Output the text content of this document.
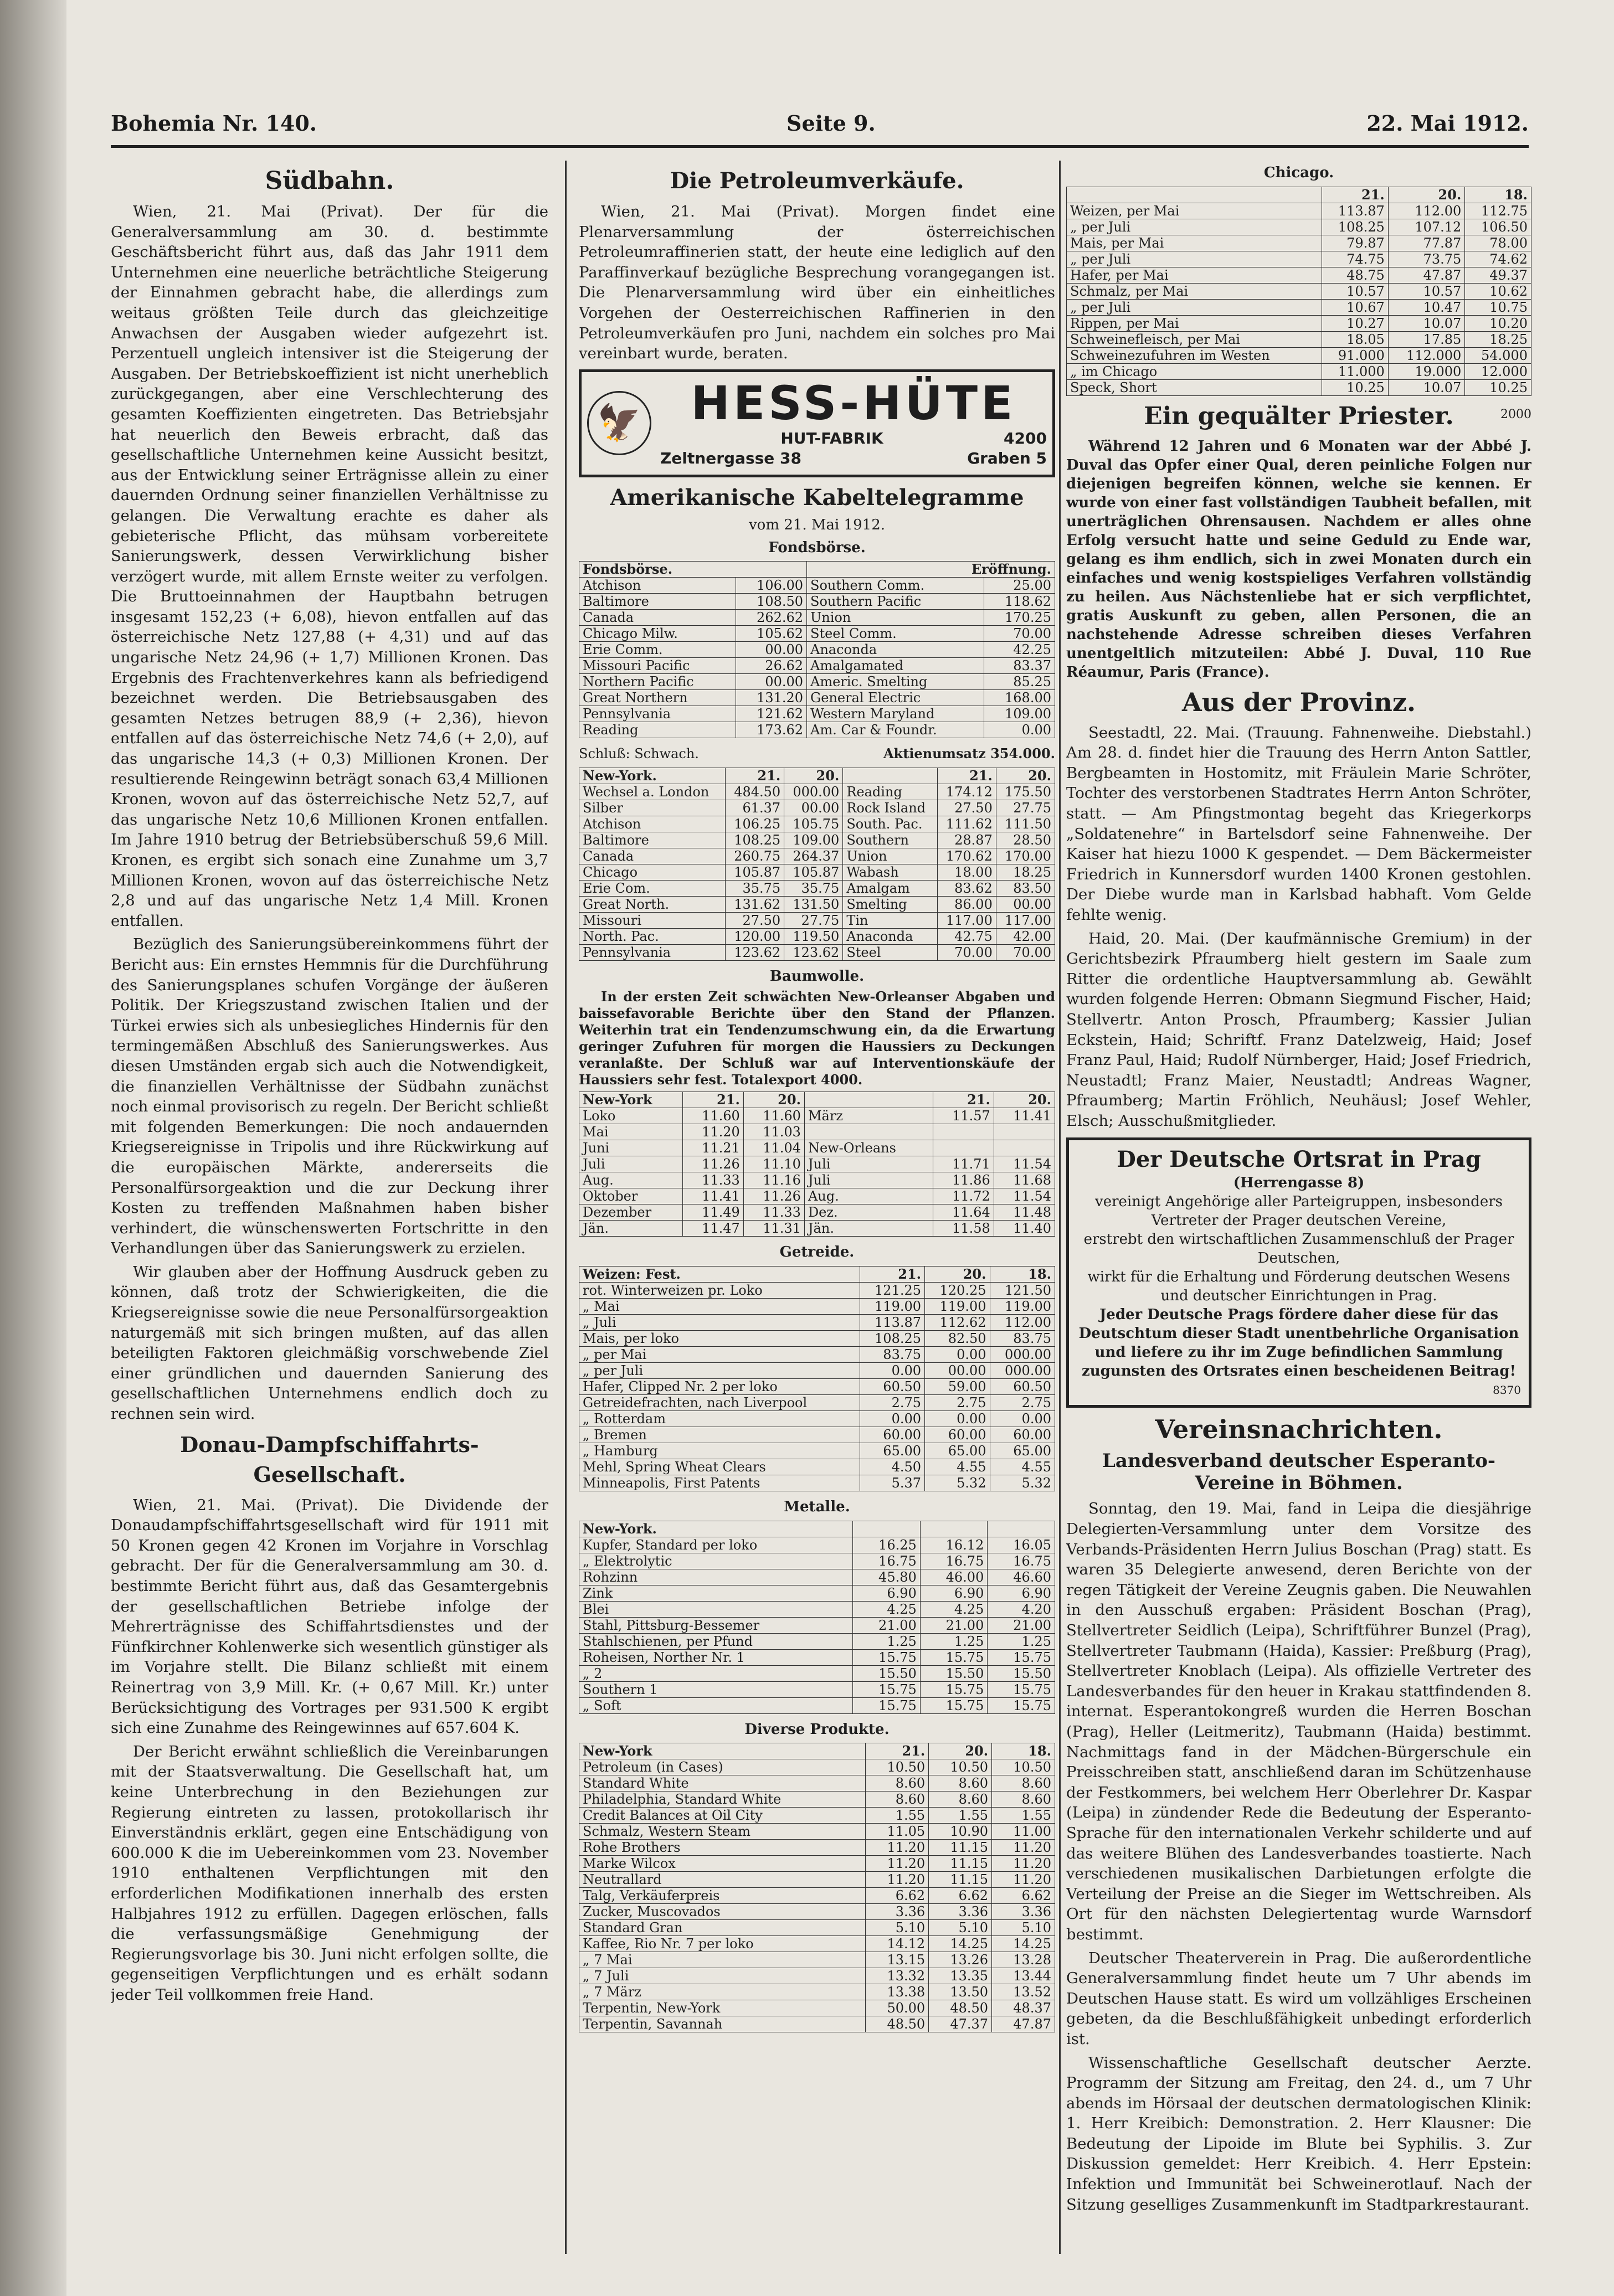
Bohemia Nr. 140.	Seite 9.	22. Mai 1912.
Südbahn.

Wien, 21. Mai (Privat). Der für die Generalversammlung am 30. d. bestimmte Geschäftsbericht führt aus, daß das Jahr 1911 dem Unternehmen eine neuerliche beträchtliche Steigerung der Einnahmen gebracht habe, die allerdings zum weitaus größten Teile durch das gleichzeitige Anwachsen der Ausgaben wieder aufgezehrt ist. Perzentuell ungleich intensiver ist die Steigerung der Ausgaben. Der Betriebskoeffizient ist nicht unerheblich zurückgegangen, aber eine Verschlechterung des gesamten Koeffizienten eingetreten. Das Betriebsjahr hat neuerlich den Beweis erbracht, daß das gesellschaftliche Unternehmen keine Aussicht besitzt, aus der Entwicklung seiner Erträgnisse allein zu einer dauernden Ordnung seiner finanziellen Verhältnisse zu gelangen. Die Verwaltung erachte es daher als gebieterische Pflicht, das mühsam vorbereitete Sanierungswerk, dessen Verwirklichung bisher verzögert wurde, mit allem Ernste weiter zu verfolgen. Die Bruttoeinnahmen der Hauptbahn betrugen insgesamt 152,23 (+ 6,08), hievon entfallen auf das österreichische Netz 127,88 (+ 4,31) und auf das ungarische Netz 24,96 (+ 1,7) Millionen Kronen. Das Ergebnis des Frachtenverkehres kann als befriedigend bezeichnet werden. Die Betriebsausgaben des gesamten Netzes betrugen 88,9 (+ 2,36), hievon entfallen auf das österreichische Netz 74,6 (+ 2,0), auf das ungarische 14,3 (+ 0,3) Millionen Kronen. Der resultierende Reingewinn beträgt sonach 63,4 Millionen Kronen, wovon auf das österreichische Netz 52,7, auf das ungarische Netz 10,6 Millionen Kronen entfallen. Im Jahre 1910 betrug der Betriebsüberschuß 59,6 Mill. Kronen, es ergibt sich sonach eine Zunahme um 3,7 Millionen Kronen, wovon auf das österreichische Netz 2,8 und auf das ungarische Netz 1,4 Mill. Kronen entfallen.

Bezüglich des Sanierungsübereinkommens führt der Bericht aus: Ein ernstes Hemmnis für die Durchführung des Sanierungsplanes schufen Vorgänge der äußeren Politik. Der Kriegszustand zwischen Italien und der Türkei erwies sich als unbesiegliches Hindernis für den termingemäßen Abschluß des Sanierungswerkes. Aus diesen Umständen ergab sich auch die Notwendigkeit, die finanziellen Verhältnisse der Südbahn zunächst noch einmal provisorisch zu regeln. Der Bericht schließt mit folgenden Bemerkungen: Die noch andauernden Kriegsereignisse in Tripolis und ihre Rückwirkung auf die europäischen Märkte, andererseits die Personalfürsorgeaktion und die zur Deckung ihrer Kosten zu treffenden Maßnahmen haben bisher verhindert, die wünschenswerten Fortschritte in den Verhandlungen über das Sanierungswerk zu erzielen.

Wir glauben aber der Hoffnung Ausdruck geben zu können, daß trotz der Schwierigkeiten, die die Kriegsereignisse sowie die neue Personalfürsorgeaktion naturgemäß mit sich bringen mußten, auf das allen beteiligten Faktoren gleichmäßig vorschwebende Ziel einer gründlichen und dauernden Sanierung des gesellschaftlichen Unternehmens endlich doch zu rechnen sein wird.

Donau-Dampfschiffahrts-Gesellschaft.

Wien, 21. Mai. (Privat). Die Dividende der Donaudampfschiffahrtsgesellschaft wird für 1911 mit 50 Kronen gegen 42 Kronen im Vorjahre in Vorschlag gebracht. Der für die Generalversammlung am 30. d. bestimmte Bericht führt aus, daß das Gesamtergebnis der gesellschaftlichen Betriebe infolge der Mehrerträgnisse des Schiffahrtsdienstes und der Fünfkirchner Kohlenwerke sich wesentlich günstiger als im Vorjahre stellt. Die Bilanz schließt mit einem Reinertrag von 3,9 Mill. Kr. (+ 0,67 Mill. Kr.) unter Berücksichtigung des Vortrages per 931.500 K ergibt sich eine Zunahme des Reingewinnes auf 657.604 K.

Der Bericht erwähnt schließlich die Vereinbarungen mit der Staatsverwaltung. Die Gesellschaft hat, um keine Unterbrechung in den Beziehungen zur Regierung eintreten zu lassen, protokollarisch ihr Einverständnis erklärt, gegen eine Entschädigung von 600.000 K die im Uebereinkommen vom 23. November 1910 enthaltenen Verpflichtungen mit den erforderlichen Modifikationen innerhalb des ersten Halbjahres 1912 zu erfüllen. Dagegen erlöschen, falls die verfassungsmäßige Genehmigung der Regierungsvorlage bis 30. Juni nicht erfolgen sollte, die gegenseitigen Verpflichtungen und es erhält sodann jeder Teil vollkommen freie Hand.

Die Petroleumverkäufe.

Wien, 21. Mai (Privat). Morgen findet eine Plenarversammlung der österreichischen Petroleumraffinerien statt, der heute eine lediglich auf den Paraffinverkauf bezügliche Besprechung vorangegangen ist. Die Plenarversammlung wird über ein einheitliches Vorgehen der Oesterreichischen Raffinerien in den Petroleumverkäufen pro Juni, nachdem ein solches pro Mai vereinbart wurde, beraten.

🦅	HESS-HÜTE
HUT-FABRIK	4200
Zeltnergasse 38	Graben 5
Amerikanische Kabeltelegramme
vom 21. Mai 1912.
Fondsbörse.
Fondsbörse.		Eröffnung.	
Atchison	106.00	Southern Comm.	25.00
Baltimore	108.50	Southern Pacific	118.62
Canada	262.62	Union	170.25
Chicago Milw.	105.62	Steel Comm.	70.00
Erie Comm.	00.00	Anaconda	42.25
Missouri Pacific	26.62	Amalgamated	83.37
Northern Pacific	00.00	Americ. Smelting	85.25
Great Northern	131.20	General Electric	168.00
Pennsylvania	121.62	Western Maryland	109.00
Reading	173.62	Am. Car & Foundr.	0.00
Schluß: Schwach.	Aktienumsatz 354.000.
New-York.	21.	20.		21.	20.
Wechsel a. London	484.50	000.00	Reading	174.12	175.50
Silber	61.37	00.00	Rock Island	27.50	27.75
Atchison	106.25	105.75	South. Pac.	111.62	111.50
Baltimore	108.25	109.00	Southern	28.87	28.50
Canada	260.75	264.37	Union	170.62	170.00
Chicago	105.87	105.87	Wabash	18.00	18.25
Erie Com.	35.75	35.75	Amalgam	83.62	83.50
Great North.	131.62	131.50	Smelting	86.00	00.00
Missouri	27.50	27.75	Tin	117.00	117.00
North. Pac.	120.00	119.50	Anaconda	42.75	42.00
Pennsylvania	123.62	123.62	Steel	70.00	70.00
Baumwolle.

In der ersten Zeit schwächten New-Orleanser Abgaben und baissefavorable Berichte über den Stand der Pflanzen. Weiterhin trat ein Tendenzumschwung ein, da die Erwartung geringer Zufuhren für morgen die Haussiers zu Deckungen veranlaßte. Der Schluß war auf Interventionskäufe der Haussiers sehr fest. Totalexport 4000.

New-York	21.	20.		21.	20.
Loko	11.60	11.60	März	11.57	11.41
Mai	11.20	11.03			
Juni	11.21	11.04	New-Orleans		
Juli	11.26	11.10	Juli	11.71	11.54
Aug.	11.33	11.16	Juli	11.86	11.68
Oktober	11.41	11.26	Aug.	11.72	11.54
Dezember	11.49	11.33	Dez.	11.64	11.48
Jän.	11.47	11.31	Jän.	11.58	11.40
Getreide.
Weizen: Fest.	21.	20.	18.
rot. Winterweizen pr. Loko	121.25	120.25	121.50
„ Mai	119.00	119.00	119.00
„ Juli	113.87	112.62	112.00
Mais, per loko	108.25	82.50	83.75
„ per Mai	83.75	0.00	000.00
„ per Juli	0.00	00.00	000.00
Hafer, Clipped Nr. 2 per loko	60.50	59.00	60.50
Getreidefrachten, nach Liverpool	2.75	2.75	2.75
„ Rotterdam	0.00	0.00	0.00
„ Bremen	60.00	60.00	60.00
„ Hamburg	65.00	65.00	65.00
Mehl, Spring Wheat Clears	4.50	4.55	4.55
Minneapolis, First Patents	5.37	5.32	5.32
Metalle.
New-York.			
Kupfer, Standard per loko	16.25	16.12	16.05
„ Elektrolytic	16.75	16.75	16.75
Rohzinn	45.80	46.00	46.60
Zink	6.90	6.90	6.90
Blei	4.25	4.25	4.20
Stahl, Pittsburg-Bessemer	21.00	21.00	21.00
Stahlschienen, per Pfund	1.25	1.25	1.25
Roheisen, Norther Nr. 1	15.75	15.75	15.75
„ 2	15.50	15.50	15.50
Southern 1	15.75	15.75	15.75
„ Soft	15.75	15.75	15.75
Diverse Produkte.
New-York	21.	20.	18.
Petroleum (in Cases)	10.50	10.50	10.50
Standard White	8.60	8.60	8.60
Philadelphia, Standard White	8.60	8.60	8.60
Credit Balances at Oil City	1.55	1.55	1.55
Schmalz, Western Steam	11.05	10.90	11.00
Rohe Brothers	11.20	11.15	11.20
Marke Wilcox	11.20	11.15	11.20
Neutrallard	11.20	11.15	11.20
Talg, Verkäuferpreis	6.62	6.62	6.62
Zucker, Muscovados	3.36	3.36	3.36
Standard Gran	5.10	5.10	5.10
Kaffee, Rio Nr. 7 per loko	14.12	14.25	14.25
„ 7 Mai	13.15	13.26	13.28
„ 7 Juli	13.32	13.35	13.44
„ 7 März	13.38	13.50	13.52
Terpentin, New-York	50.00	48.50	48.37
Terpentin, Savannah	48.50	47.37	47.87
Chicago.
	21.	20.	18.
Weizen, per Mai	113.87	112.00	112.75
„ per Juli	108.25	107.12	106.50
Mais, per Mai	79.87	77.87	78.00
„ per Juli	74.75	73.75	74.62
Hafer, per Mai	48.75	47.87	49.37
Schmalz, per Mai	10.57	10.57	10.62
„ per Juli	10.67	10.47	10.75
Rippen, per Mai	10.27	10.07	10.20
Schweinefleisch, per Mai	18.05	17.85	18.25
Schweinezufuhren im Westen	91.000	112.000	54.000
„ im Chicago	11.000	19.000	12.000
Speck, Short	10.25	10.07	10.25
Ein gequälter Priester.	2000

Während 12 Jahren und 6 Monaten war der Abbé J. Duval das Opfer einer Qual, deren peinliche Folgen nur diejenigen begreifen können, welche sie kennen. Er wurde von einer fast vollständigen Taubheit befallen, mit unerträglichen Ohrensausen. Nachdem er alles ohne Erfolg versucht hatte und seine Geduld zu Ende war, gelang es ihm endlich, sich in zwei Monaten durch ein einfaches und wenig kostspieliges Verfahren vollständig zu heilen. Aus Nächstenliebe hat er sich verpflichtet, gratis Auskunft zu geben, allen Personen, die an nachstehende Adresse schreiben dieses Verfahren unentgeltlich mitzuteilen: Abbé J. Duval, 110 Rue Réaumur, Paris (France).

Aus der Provinz.

Seestadtl, 22. Mai. (Trauung. Fahnenweihe. Diebstahl.) Am 28. d. findet hier die Trauung des Herrn Anton Sattler, Bergbeamten in Hostomitz, mit Fräulein Marie Schröter, Tochter des verstorbenen Stadtrates Herrn Anton Schröter, statt. — Am Pfingstmontag begeht das Kriegerkorps „Soldatenehre“ in Bartelsdorf seine Fahnenweihe. Der Kaiser hat hiezu 1000 K gespendet. — Dem Bäckermeister Friedrich in Kunnersdorf wurden 1400 Kronen gestohlen. Der Diebe wurde man in Karlsbad habhaft. Vom Gelde fehlte wenig.

Haid, 20. Mai. (Der kaufmännische Gremium) in der Gerichtsbezirk Pfraumberg hielt gestern im Saale zum Ritter die ordentliche Hauptversammlung ab. Gewählt wurden folgende Herren: Obmann Siegmund Fischer, Haid; Stellvertr. Anton Prosch, Pfraumberg; Kassier Julian Eckstein, Haid; Schriftf. Franz Datelzweig, Haid; Josef Franz Paul, Haid; Rudolf Nürnberger, Haid; Josef Friedrich, Neustadtl; Franz Maier, Neustadtl; Andreas Wagner, Pfraumberg; Martin Fröhlich, Neuhäusl; Josef Wehler, Elsch; Ausschußmitglieder.

Der Deutsche Ortsrat in Prag
(Herrengasse 8)
vereinigt Angehörige aller Parteigruppen, insbesonders Vertreter der Prager deutschen Vereine,
erstrebt den wirtschaftlichen Zusammenschluß der Prager Deutschen,
wirkt für die Erhaltung und Förderung deutschen Wesens und deutscher Einrichtungen in Prag.
Jeder Deutsche Prags fördere daher diese für das Deutschtum dieser Stadt unentbehrliche Organisation und liefere zu ihr im Zuge befindlichen Sammlung zugunsten des Ortsrates einen bescheidenen Beitrag!
8370
Vereinsnachrichten.
Landesverband deutscher Esperanto-Vereine in Böhmen.

Sonntag, den 19. Mai, fand in Leipa die diesjährige Delegierten-Versammlung unter dem Vorsitze des Verbands-Präsidenten Herrn Julius Boschan (Prag) statt. Es waren 35 Delegierte anwesend, deren Berichte von der regen Tätigkeit der Vereine Zeugnis gaben. Die Neuwahlen in den Ausschuß ergaben: Präsident Boschan (Prag), Stellvertreter Seidlich (Leipa), Schriftführer Bunzel (Prag), Stellvertreter Taubmann (Haida), Kassier: Preßburg (Prag), Stellvertreter Knoblach (Leipa). Als offizielle Vertreter des Landesverbandes für den heuer in Krakau stattfindenden 8. internat. Esperantokongreß wurden die Herren Boschan (Prag), Heller (Leitmeritz), Taubmann (Haida) bestimmt. Nachmittags fand in der Mädchen-Bürgerschule ein Preisschreiben statt, anschließend daran im Schützenhause der Festkommers, bei welchem Herr Oberlehrer Dr. Kaspar (Leipa) in zündender Rede die Bedeutung der Esperanto-Sprache für den internationalen Verkehr schilderte und auf das weitere Blühen des Landesverbandes toastierte. Nach verschiedenen musikalischen Darbietungen erfolgte die Verteilung der Preise an die Sieger im Wettschreiben. Als Ort für den nächsten Delegiertentag wurde Warnsdorf bestimmt.

Deutscher Theaterverein in Prag. Die außerordentliche Generalversammlung findet heute um 7 Uhr abends im Deutschen Hause statt. Es wird um vollzähliges Erscheinen gebeten, da die Beschlußfähigkeit unbedingt erforderlich ist.

Wissenschaftliche Gesellschaft deutscher Aerzte. Programm der Sitzung am Freitag, den 24. d., um 7 Uhr abends im Hörsaal der deutschen dermatologischen Klinik: 1. Herr Kreibich: Demonstration. 2. Herr Klausner: Die Bedeutung der Lipoide im Blute bei Syphilis. 3. Zur Diskussion gemeldet: Herr Kreibich. 4. Herr Epstein: Infektion und Immunität bei Schweinerotlauf. Nach der Sitzung geselliges Zusammenkunft im Stadtparkrestaurant.
